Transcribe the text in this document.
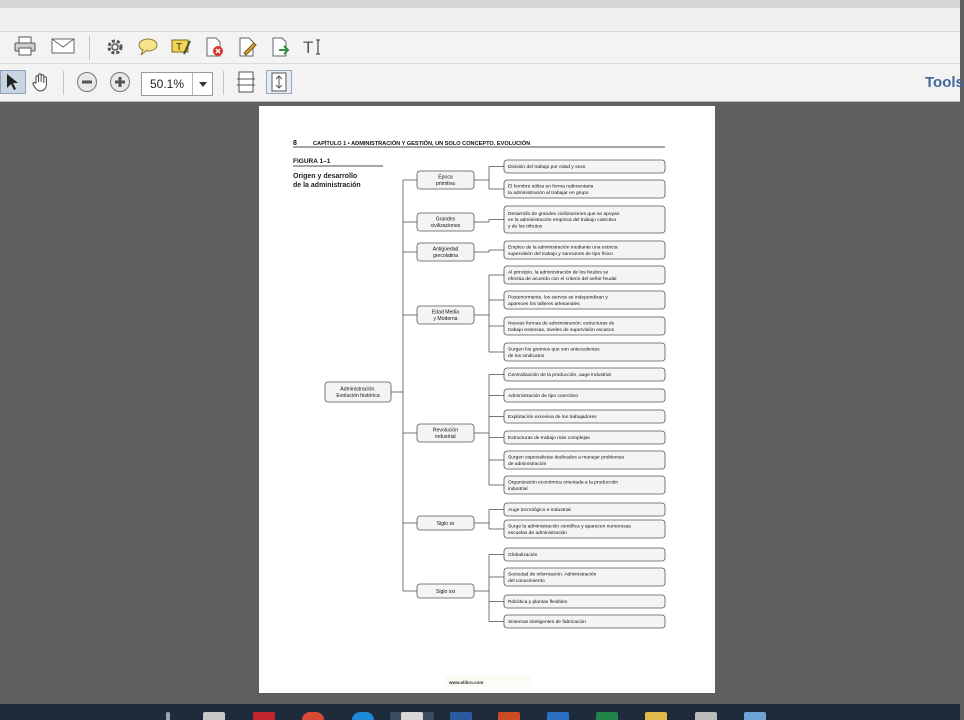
T	T
Tools
50.1%
8	CAPÍTULO 1 • ADMINISTRACIÓN Y GESTIÓN, UN SOLO CONCEPTO. EVOLUCIÓN
FIGURA 1–1
Origen y desarrollo
de la administración
Administración.
Evolución histórica
Época
primitiva
División del trabajo por edad y sexo
El hombre utiliza en forma rudimentaria
la administración al trabajar en grupo
Grandes
civilizaciones
Desarrollo de grandes civilizaciones que se apoyan
en la administración empírica del trabajo colectivo
y de los tributos
Antigüedad
grecolatina
Empleo de la administración mediante una estricta
supervisión del trabajo y sanciones de tipo físico
Edad Media
y Moderna
Al principio, la administración de los feudos se
efectúa de acuerdo con el criterio del señor feudal
Posteriormente, los siervos se independizan y
aparecen los talleres artesanales
Nuevas formas de administración: estructuras de
trabajo extensas, niveles de supervisión escasos
Surgen los gremios que son antecedentes
de los sindicatos
Revolución
industrial
Centralización de la producción, auge industrial
Administración de tipo coercitivo
Explotación excesiva de los trabajadores
Estructuras de trabajo más complejas
Surgen especialistas dedicados a manejar problemas
de administración
Organización económica orientada a la producción
industrial
Siglo xx
Auge tecnológico e industrial
Surge la administración científica y aparecen numerosas
escuelas de administración
Siglo xxi
Globalización
Sociedad de información. Administración
del conocimiento
Robótica y plantas flexibles
Sistemas inteligentes de fabricación
www.elibro.com
